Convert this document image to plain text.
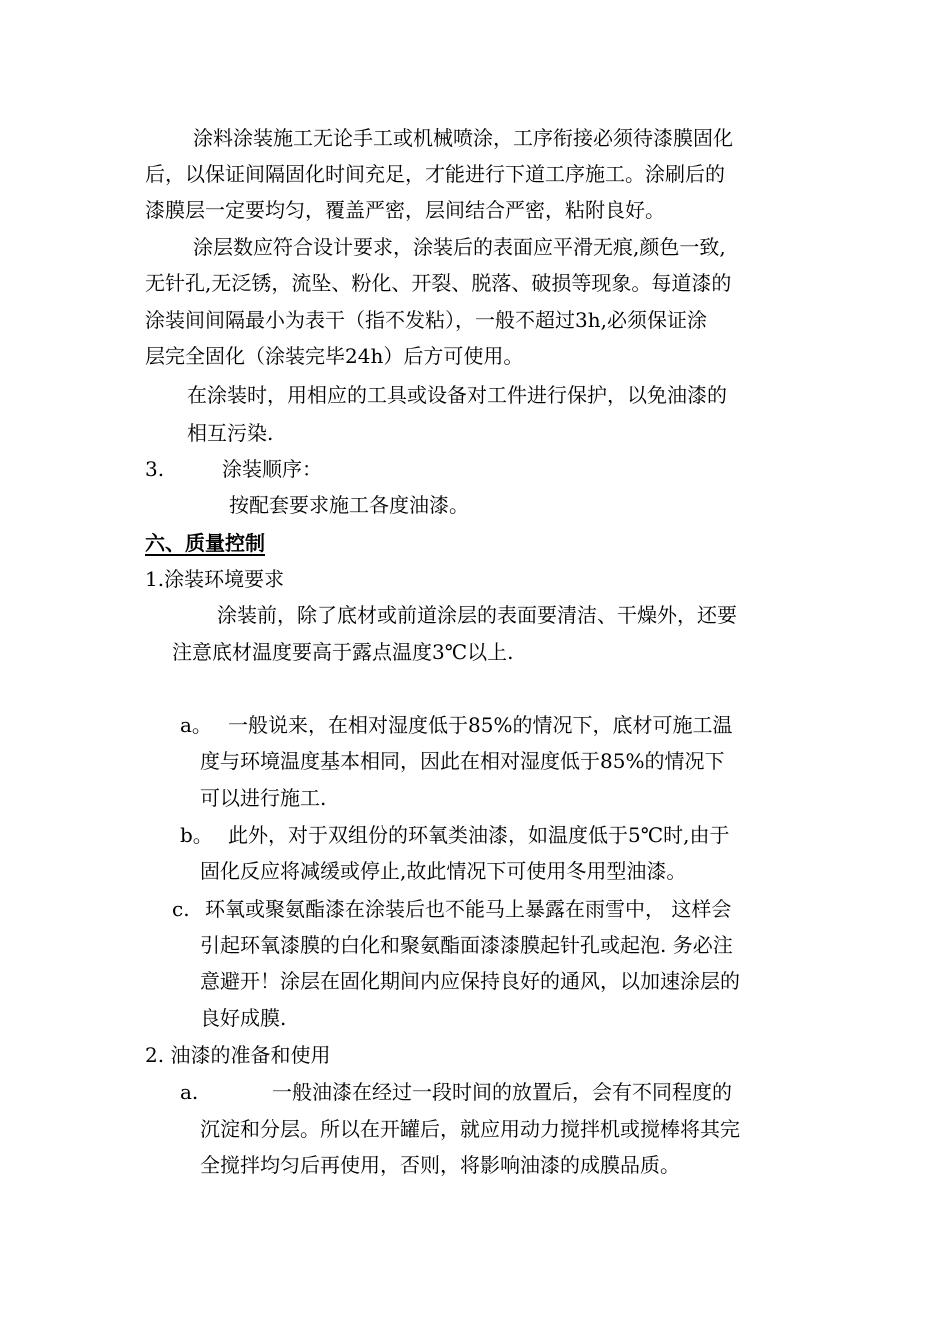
涂料涂装施工无论手工或机械喷涂，工序衔接必须待漆膜固化
后，以保证间隔固化时间充足，才能进行下道工序施工。涂刷后的
漆膜层一定要均匀，覆盖严密，层间结合严密，粘附良好。
涂层数应符合设计要求，涂装后的表面应平滑无痕,颜色一致,
无针孔,无泛锈，流坠、粉化、开裂、脱落、破损等现象。每道漆的
涂装间间隔最小为表干（指不发粘），一般不超过3h,必须保证涂
层完全固化（涂装完毕24h）后方可使用。
在涂装时，用相应的工具或设备对工件进行保护，以免油漆的
相互污染.
3.	涂装顺序：
按配套要求施工各度油漆。
六、质量控制
1.涂装环境要求
涂装前，除了底材或前道涂层的表面要清洁、干燥外，还要
注意底材温度要高于露点温度3℃以上.
a。 一般说来，在相对湿度低于85%的情况下，底材可施工温
度与环境温度基本相同，因此在相对湿度低于85%的情况下
可以进行施工.
b。 此外，对于双组份的环氧类油漆，如温度低于5℃时,由于
固化反应将减缓或停止,故此情况下可使用冬用型油漆。
c. 环氧或聚氨酯漆在涂装后也不能马上暴露在雨雪中， 这样会
引起环氧漆膜的白化和聚氨酯面漆漆膜起针孔或起泡. 务必注
意避开！涂层在固化期间内应保持良好的通风，以加速涂层的
良好成膜.
2. 油漆的准备和使用
a.	一般油漆在经过一段时间的放置后，会有不同程度的
沉淀和分层。所以在开罐后，就应用动力搅拌机或搅棒将其完
全搅拌均匀后再使用，否则，将影响油漆的成膜品质。
